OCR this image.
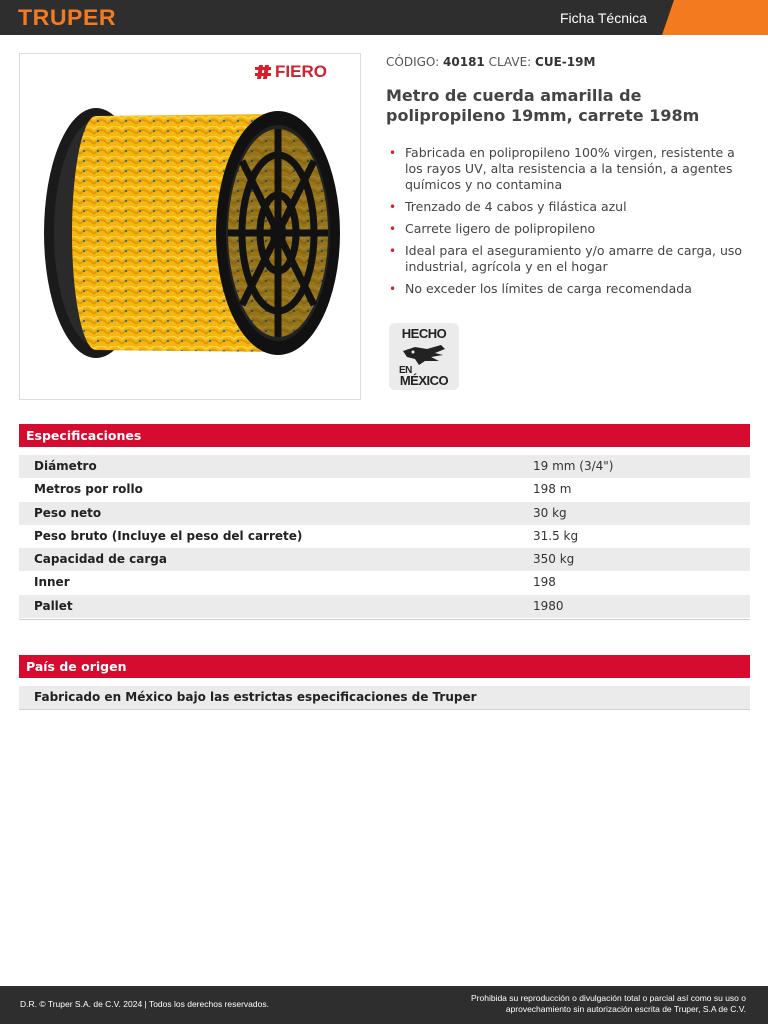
TRUPER	Ficha Técnica
FIERO	CÓDIGO: 40181 CLAVE: CUE-19M
Metro de cuerda amarilla de polipropileno 19mm, carrete 198m
• Fabricada en polipropileno 100% virgen, resistente a los rayos UV, alta resistencia a la tensión, a agentes químicos y no contamina
• Trenzado de 4 cabos y filástica azul
• Carrete ligero de polipropileno
• Ideal para el aseguramiento y/o amarre de carga, uso industrial, agrícola y en el hogar
• No exceder los límites de carga recomendada
HECHO
EN
MÉXICO
Especificaciones
Diámetro	19 mm (3/4")
Metros por rollo	198 m
Peso neto	30 kg
Peso bruto (Incluye el peso del carrete)	31.5 kg
Capacidad de carga	350 kg
Inner	198
Pallet	1980
País de origen
Fabricado en México bajo las estrictas especificaciones de Truper
D.R. © Truper S.A. de C.V. 2024 | Todos los derechos reservados.
Prohibida su reproducción o divulgación total o parcial así como su uso o
aprovechamiento sin autorización escrita de Truper, S.A de C.V.
